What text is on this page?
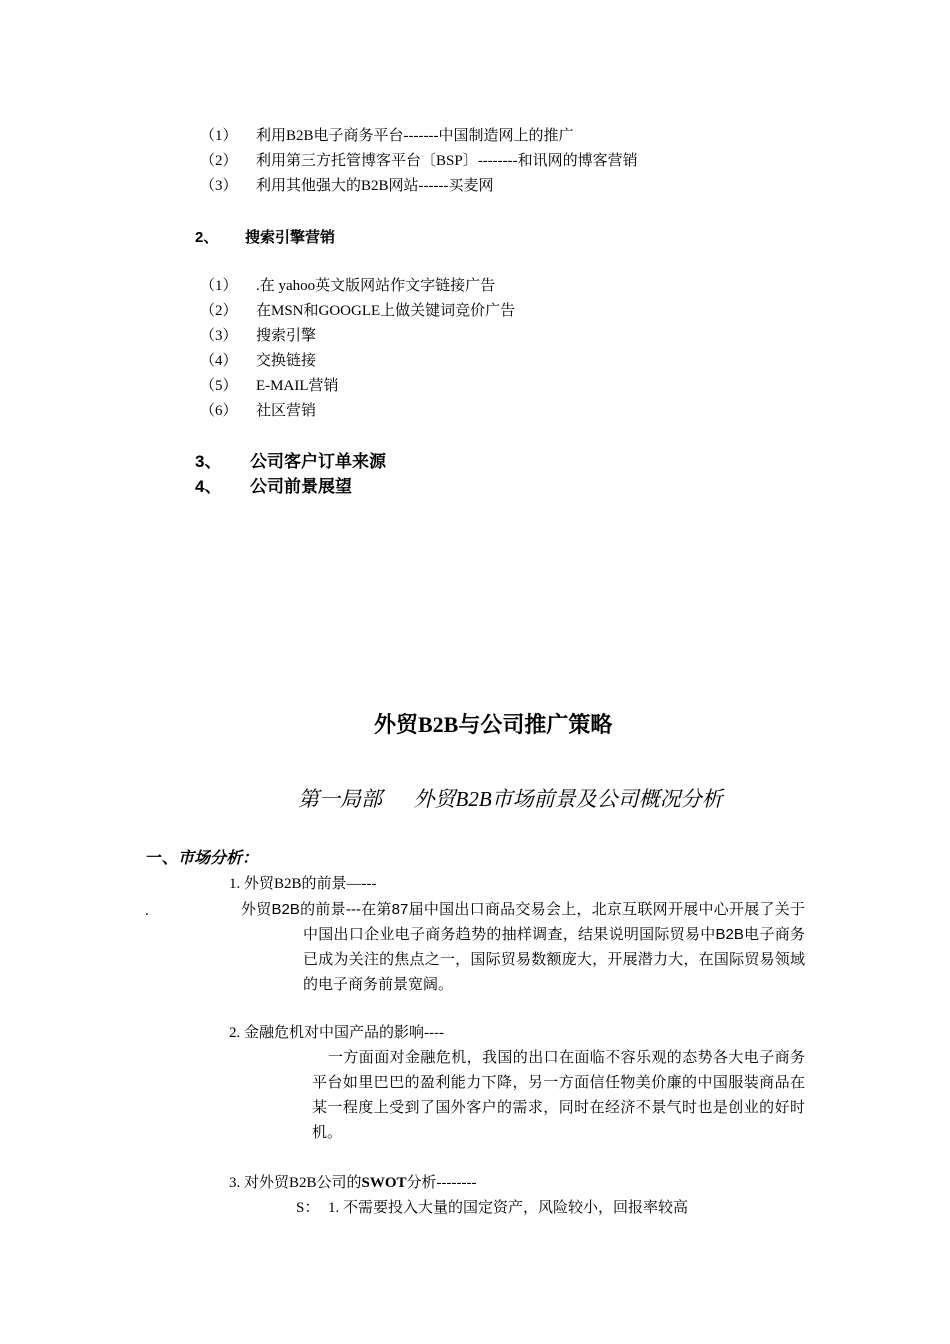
（1） 利用B2B电子商务平台-------中国制造网上的推广
（2） 利用第三方托管博客平台〔BSP〕--------和讯网的博客营销
（3） 利用其他强大的B2B网站------买麦网
2、 搜索引擎营销
（1） .在 yahoo英文版网站作文字链接广告
（2） 在MSN和GOOGLE上做关键词竞价广告
（3） 搜索引擎
（4） 交换链接
（5） E-MAIL营销
（6） 社区营销
3、 公司客户订单来源
4、 公司前景展望
外贸B2B与公司推广策略
第一局部      外贸B2B市场前景及公司概况分析
一、市场分析：
1. 外贸B2B的前景—---
.	外贸B2B的前景---在第87届中国出口商品交易会上，北京互联网开展中心开展了关于中国出口企业电子商务趋势的抽样调查，结果说明国际贸易中B2B电子商务已成为关注的焦点之一，国际贸易数额庞大，开展潜力大，在国际贸易领域的电子商务前景宽阔。
2. 金融危机对中国产品的影响----
一方面面对金融危机，我国的出口在面临不容乐观的态势各大电子商务平台如里巴巴的盈利能力下降，另一方面信任物美价廉的中国服装商品在某一程度上受到了国外客户的需求，同时在经济不景气时也是创业的好时机。
3. 对外贸B2B公司的SWOT分析--------
S： 1. 不需要投入大量的国定资产，风险较小，回报率较高
